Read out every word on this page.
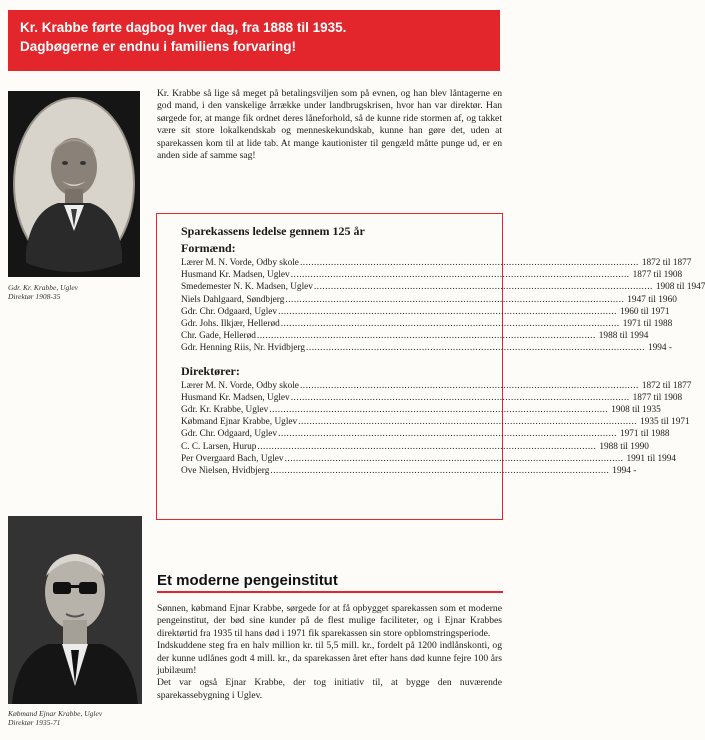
Kr. Krabbe førte dagbog hver dag, fra 1888 til 1935.

Dagbøgerne er endnu i familiens forvaring!

Gdr. Kr. Krabbe, Uglev
Direktør 1908-35

Kr. Krabbe så lige så meget på betalingsviljen som på evnen, og han blev låntagerne en god mand, i den vanskelige årrække under landbrugskrisen, hvor han var direktør. Han sørgede for, at mange fik ordnet deres låneforhold, så de kunne ride stormen af, og takket være sit store lokalkendskab og menneskekundskab, kunne han gøre det, uden at sparekassen kom til at lide tab. At mange kautionister til gengæld måtte punge ud, er en anden side af samme sag!

Sparekassens ledelse gennem 125 år
Formænd:
Lærer M. N. Vorde, Odby skole ........................................................................................................................ 1872 til 1877
Husmand Kr. Madsen, Uglev ........................................................................................................................ 1877 til 1908
Smedemester N. K. Madsen, Uglev ........................................................................................................................ 1908 til 1947
Niels Dahlgaard, Søndbjerg ........................................................................................................................ 1947 til 1960
Gdr. Chr. Odgaard, Uglev ........................................................................................................................ 1960 til 1971
Gdr. Johs. Ilkjær, Hellerød ........................................................................................................................ 1971 til 1988
Chr. Gade, Hellerød ........................................................................................................................ 1988 til 1994
Gdr. Henning Riis, Nr. Hvidbjerg ........................................................................................................................ 1994 -
Direktører:
Lærer M. N. Vorde, Odby skole ........................................................................................................................ 1872 til 1877
Husmand Kr. Madsen, Uglev ........................................................................................................................ 1877 til 1908
Gdr. Kr. Krabbe, Uglev ........................................................................................................................ 1908 til 1935
Købmand Ejnar Krabbe, Uglev ........................................................................................................................ 1935 til 1971
Gdr. Chr. Odgaard, Uglev ........................................................................................................................ 1971 til 1988
C. C. Larsen, Hurup ........................................................................................................................ 1988 til 1990
Per Overgaard Bach, Uglev ........................................................................................................................ 1991 til 1994
Ove Nielsen, Hvidbjerg ........................................................................................................................ 1994 -
Købmand Ejnar Krabbe, Uglev
Direktør 1935-71
Et moderne pengeinstitut

Sønnen, købmand Ejnar Krabbe, sørgede for at få opbygget sparekassen som et moderne pengeinstitut, der bød sine kunder på de flest mulige faciliteter, og i Ejnar Krabbes direktørtid fra 1935 til hans død i 1971 fik sparekassen sin store opblomstringsperiode.

Indskuddene steg fra en halv million kr. til 5,5 mill. kr., fordelt på 1200 indlånskonti, og der kunne udlånes godt 4 mill. kr., da sparekassen året efter hans død kunne fejre 100 års jubilæum!

Det var også Ejnar Krabbe, der tog initiativ til, at bygge den nuværende sparekassebygning i Uglev.
